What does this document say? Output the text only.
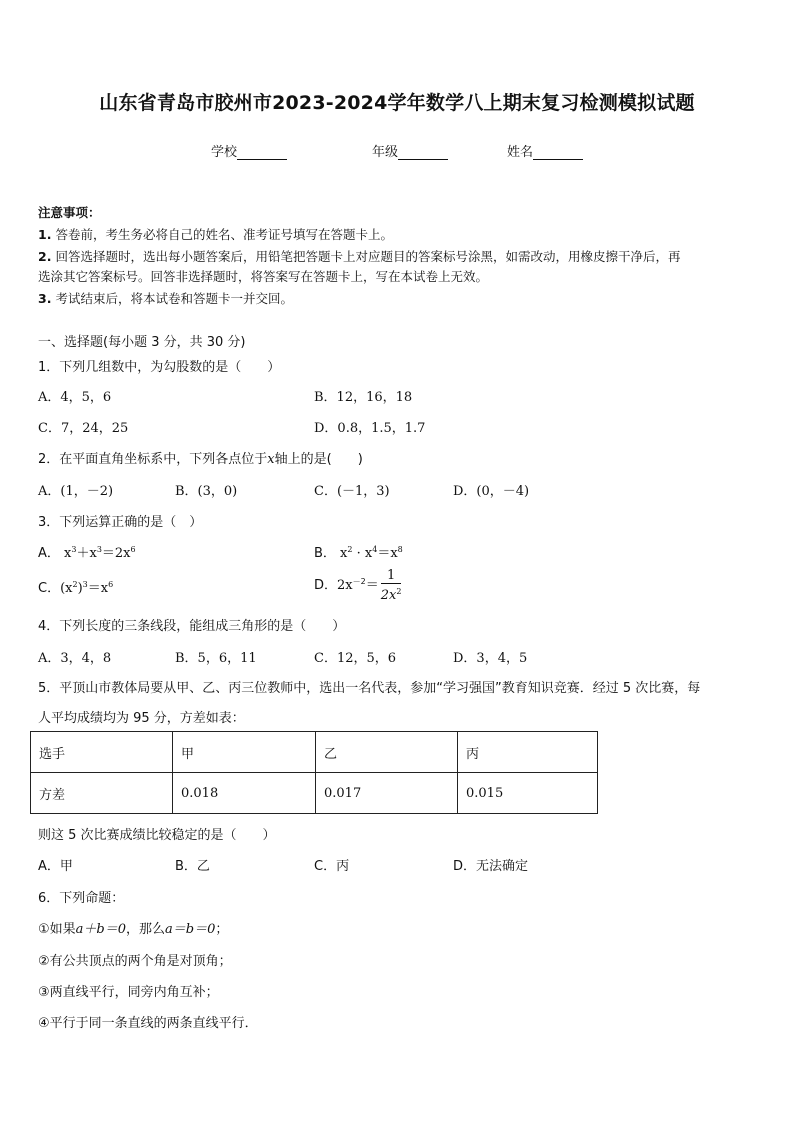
山东省青岛市胶州市2023-2024学年数学八上期末复习检测模拟试题
学校	年级	姓名
注意事项：
1. 答卷前，考生务必将自己的姓名、准考证号填写在答题卡上。
2. 回答选择题时，选出每小题答案后，用铅笔把答题卡上对应题目的答案标号涂黑，如需改动，用橡皮擦干净后，再
选涂其它答案标号。回答非选择题时，将答案写在答题卡上，写在本试卷上无效。
3. 考试结束后，将本试卷和答题卡一并交回。
一、选择题(每小题 3 分，共 30 分)
1．下列几组数中，为勾股数的是（　　）
A．4，5，6	B．12，16，18
C．7，24，25	D．0.8，1.5，1.7
2．在平面直角坐标系中，下列各点位于x轴上的是(　　)
A．(1，－2)	B．(3，0)	C．(－1，3)	D．(0，－4)
3．下列运算正确的是（　）
A． $x^3+x^3=2x^6$	B． $x^2 \cdot x^4=x^8$
C．$(x^2)^3=x^6$	D．$2x^{-2}= \frac{1}{2x^2}$
4．下列长度的三条线段，能组成三角形的是（　　）
A．3，4，8	B．5，6，11	C．12，5，6	D．3，4，5
5．平顶山市教体局要从甲、乙、丙三位教师中，选出一名代表，参加“学习强国”教育知识竞赛．经过 5 次比赛，每
人平均成绩均为 95 分，方差如表：
选手	甲	乙	丙
方差	0.018	0.017	0.015
则这 5 次比赛成绩比较稳定的是（　　）
A．甲	B．乙	C．丙	D．无法确定
6．下列命题：
①如果a＋b＝0，那么a＝b＝0；
②有公共顶点的两个角是对顶角；
③两直线平行，同旁内角互补；
④平行于同一条直线的两条直线平行．
